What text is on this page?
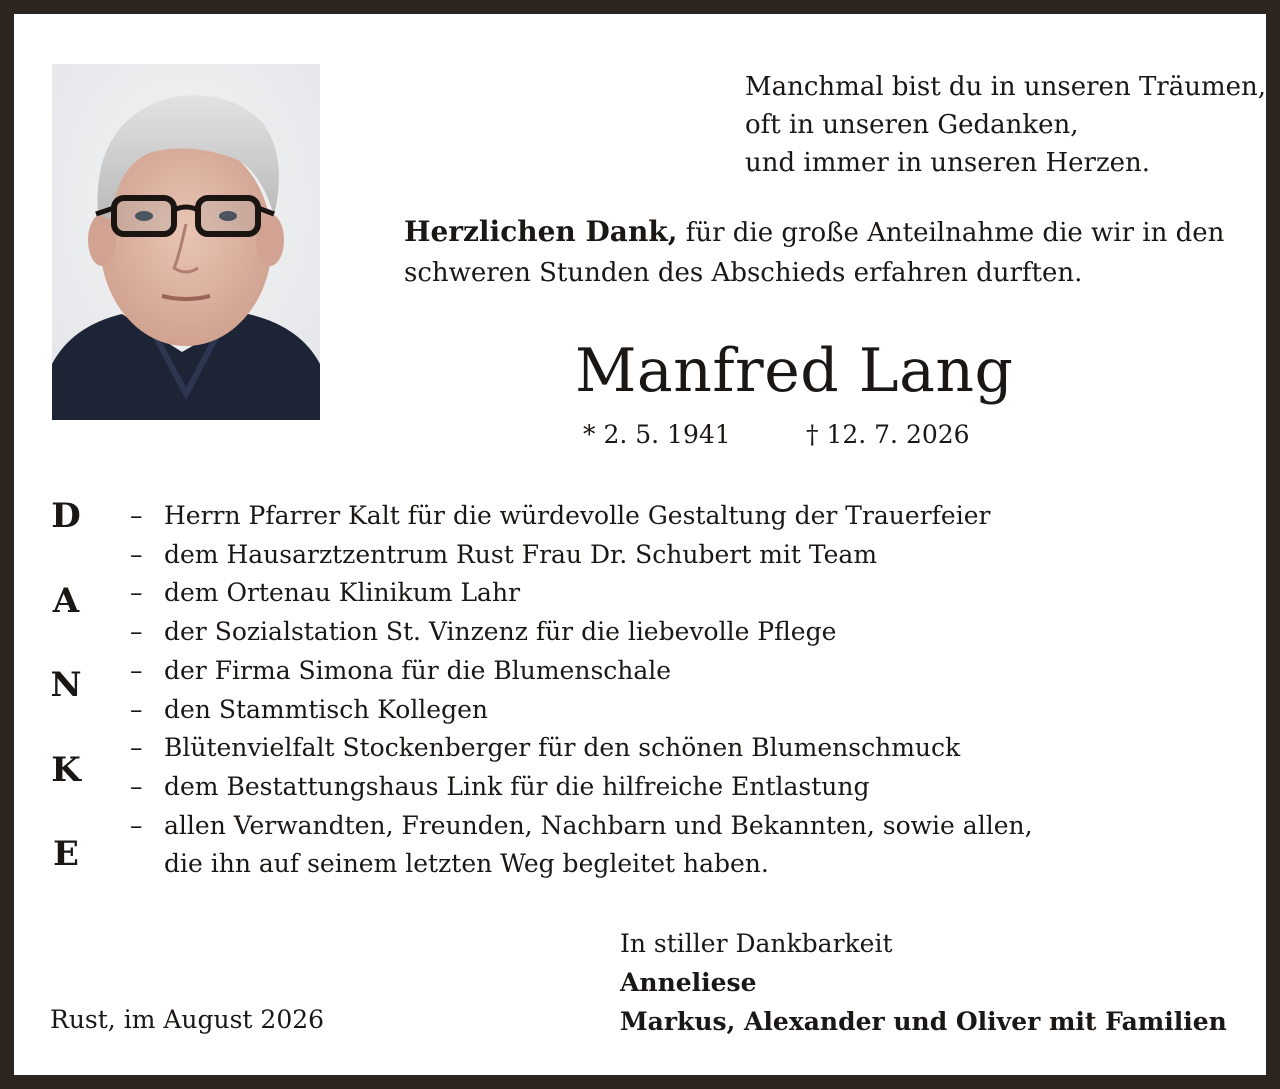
Manchmal bist du in unseren Träumen,
oft in unseren Gedanken,
und immer in unseren Herzen.
Herzlichen Dank, für die große Anteilnahme die wir in den
schweren Stunden des Abschieds erfahren durften.
Manfred Lang
* 2. 5. 1941	† 12. 7. 2026
D
A
N
K
E
– Herrn Pfarrer Kalt für die würdevolle Gestaltung der Trauerfeier
– dem Hausarztzentrum Rust Frau Dr. Schubert mit Team
– dem Ortenau Klinikum Lahr
– der Sozialstation St. Vinzenz für die liebevolle Pflege
– der Firma Simona für die Blumenschale
– den Stammtisch Kollegen
– Blütenvielfalt Stockenberger für den schönen Blumenschmuck
– dem Bestattungshaus Link für die hilfreiche Entlastung
– allen Verwandten, Freunden, Nachbarn und Bekannten, sowie allen,
die ihn auf seinem letzten Weg begleitet haben.
In stiller Dankbarkeit
Anneliese
Markus, Alexander und Oliver mit Familien
Rust, im August 2026
